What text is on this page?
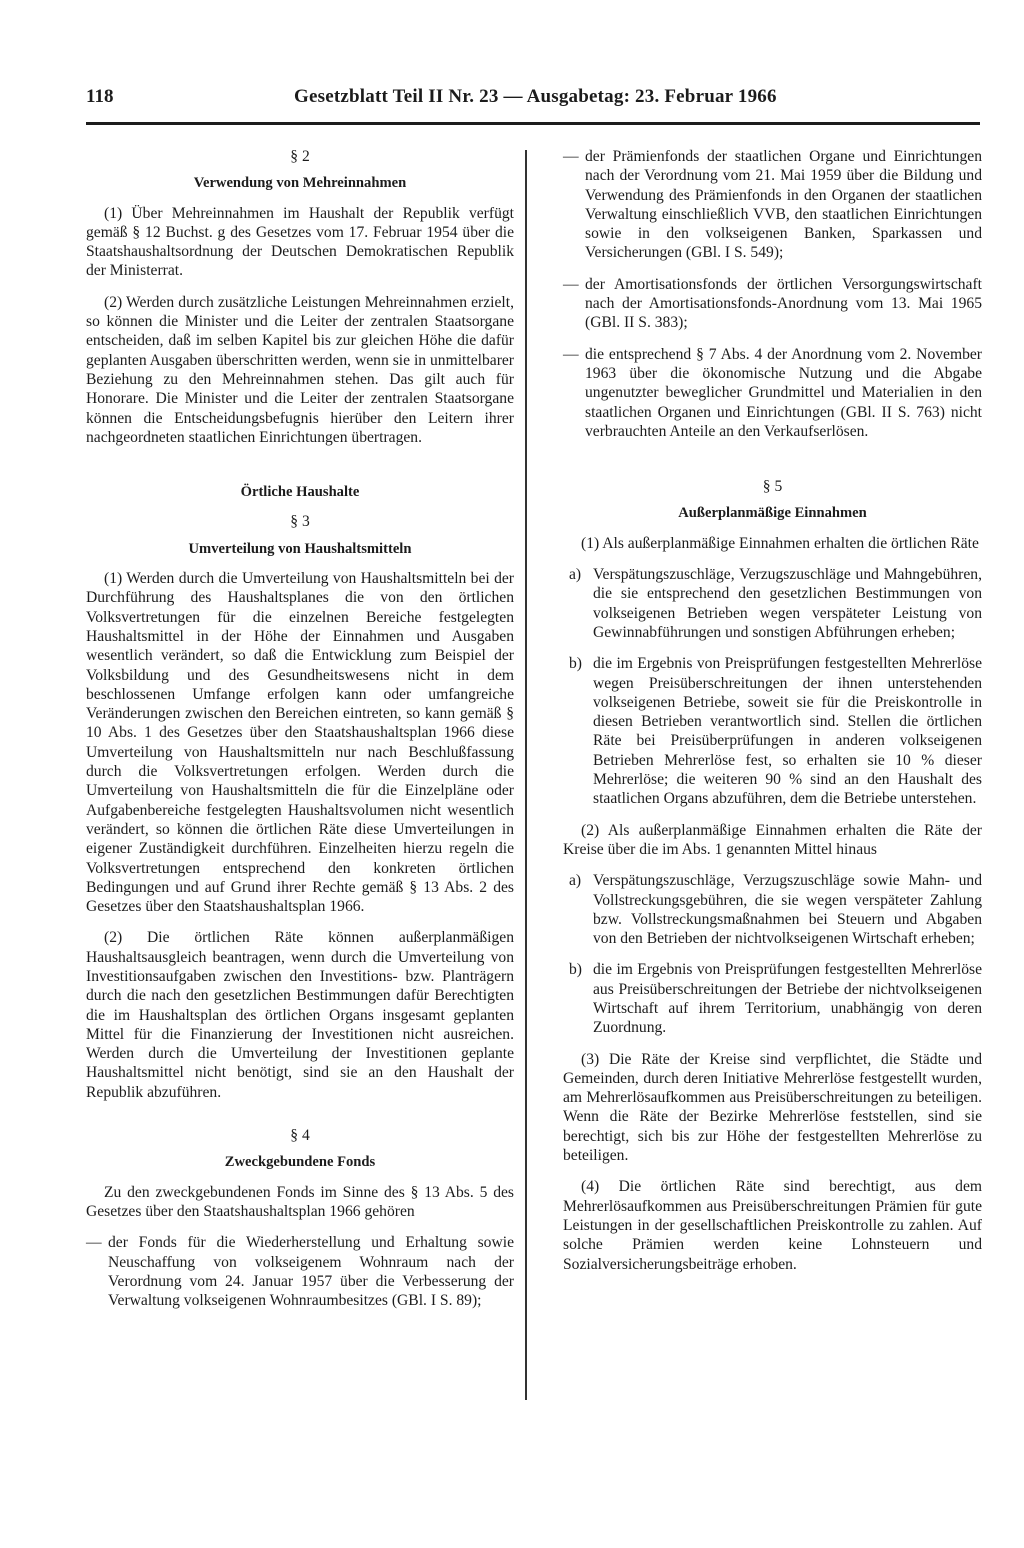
118	Gesetzblatt Teil II Nr. 23 — Ausgabetag: 23. Februar 1966
§ 2
Verwendung von Mehreinnahmen

(1) Über Mehreinnahmen im Haushalt der Republik verfügt gemäß § 12 Buchst. g des Gesetzes vom 17. Februar 1954 über die Staatshaushaltsordnung der Deutschen Demokratischen Republik der Ministerrat.

(2) Werden durch zusätzliche Leistungen Mehreinnahmen erzielt, so können die Minister und die Leiter der zentralen Staatsorgane entscheiden, daß im selben Kapitel bis zur gleichen Höhe die dafür geplanten Ausgaben überschritten werden, wenn sie in unmittelbarer Beziehung zu den Mehreinnahmen stehen. Das gilt auch für Honorare. Die Minister und die Leiter der zentralen Staatsorgane können die Entscheidungsbefugnis hierüber den Leitern ihrer nachgeordneten staatlichen Einrichtungen übertragen.

Örtliche Haushalte
§ 3
Umverteilung von Haushaltsmitteln

(1) Werden durch die Umverteilung von Haushaltsmitteln bei der Durchführung des Haushaltsplanes die von den örtlichen Volksvertretungen für die einzelnen Bereiche festgelegten Haushaltsmittel in der Höhe der Einnahmen und Ausgaben wesentlich verändert, so daß die Entwicklung zum Beispiel der Volksbildung und des Gesundheitswesens nicht in dem beschlossenen Umfange erfolgen kann oder umfangreiche Veränderungen zwischen den Bereichen eintreten, so kann gemäß § 10 Abs. 1 des Gesetzes über den Staatshaushaltsplan 1966 diese Umverteilung von Haushaltsmitteln nur nach Beschlußfassung durch die Volksvertretungen erfolgen. Werden durch die Umverteilung von Haushaltsmitteln die für die Einzelpläne oder Aufgabenbereiche festgelegten Haushaltsvolumen nicht wesentlich verändert, so können die örtlichen Räte diese Umverteilungen in eigener Zuständigkeit durchführen. Einzelheiten hierzu regeln die Volksvertretungen entsprechend den konkreten örtlichen Bedingungen und auf Grund ihrer Rechte gemäß § 13 Abs. 2 des Gesetzes über den Staatshaushaltsplan 1966.

(2) Die örtlichen Räte können außerplanmäßigen Haushaltsausgleich beantragen, wenn durch die Umverteilung von Investitionsaufgaben zwischen den Investitions- bzw. Planträgern durch die nach den gesetzlichen Bestimmungen dafür Berechtigten die im Haushaltsplan des örtlichen Organs insgesamt geplanten Mittel für die Finanzierung der Investitionen nicht ausreichen. Werden durch die Umverteilung der Investitionen geplante Haushaltsmittel nicht benötigt, sind sie an den Haushalt der Republik abzuführen.

§ 4
Zweckgebundene Fonds

Zu den zweckgebundenen Fonds im Sinne des § 13 Abs. 5 des Gesetzes über den Staatshaushaltsplan 1966 gehören

— der Fonds für die Wiederherstellung und Erhaltung sowie Neuschaffung von volkseigenem Wohnraum nach der Verordnung vom 24. Januar 1957 über die Verbesserung der Verwaltung volkseigenen Wohnraumbesitzes (GBl. I S. 89);
— der Prämienfonds der staatlichen Organe und Einrichtungen nach der Verordnung vom 21. Mai 1959 über die Bildung und Verwendung des Prämienfonds in den Organen der staatlichen Verwaltung einschließlich VVB, den staatlichen Einrichtungen sowie in den volkseigenen Banken, Sparkassen und Versicherungen (GBl. I S. 549);
— der Amortisationsfonds der örtlichen Versorgungswirtschaft nach der Amortisationsfonds-Anordnung vom 13. Mai 1965 (GBl. II S. 383);
— die entsprechend § 7 Abs. 4 der Anordnung vom 2. November 1963 über die ökonomische Nutzung und die Abgabe ungenutzter beweglicher Grundmittel und Materialien in den staatlichen Organen und Einrichtungen (GBl. II S. 763) nicht verbrauchten Anteile an den Verkaufserlösen.
§ 5
Außerplanmäßige Einnahmen

(1) Als außerplanmäßige Einnahmen erhalten die örtlichen Räte

a) Verspätungszuschläge, Verzugszuschläge und Mahngebühren, die sie entsprechend den gesetzlichen Bestimmungen von volkseigenen Betrieben wegen verspäteter Leistung von Gewinnabführungen und sonstigen Abführungen erheben;
b) die im Ergebnis von Preisprüfungen festgestellten Mehrerlöse wegen Preisüberschreitungen der ihnen unterstehenden volkseigenen Betriebe, soweit sie für die Preiskontrolle in diesen Betrieben verantwortlich sind. Stellen die örtlichen Räte bei Preisüberprüfungen in anderen volkseigenen Betrieben Mehrerlöse fest, so erhalten sie 10 % dieser Mehrerlöse; die weiteren 90 % sind an den Haushalt des staatlichen Organs abzuführen, dem die Betriebe unterstehen.

(2) Als außerplanmäßige Einnahmen erhalten die Räte der Kreise über die im Abs. 1 genannten Mittel hinaus

a) Verspätungszuschläge, Verzugszuschläge sowie Mahn- und Vollstreckungsgebühren, die sie wegen verspäteter Zahlung bzw. Vollstreckungsmaßnahmen bei Steuern und Abgaben von den Betrieben der nichtvolkseigenen Wirtschaft erheben;
b) die im Ergebnis von Preisprüfungen festgestellten Mehrerlöse aus Preisüberschreitungen der Betriebe der nichtvolkseigenen Wirtschaft auf ihrem Territorium, unabhängig von deren Zuordnung.

(3) Die Räte der Kreise sind verpflichtet, die Städte und Gemeinden, durch deren Initiative Mehrerlöse festgestellt wurden, am Mehrerlösaufkommen aus Preisüberschreitungen zu beteiligen. Wenn die Räte der Bezirke Mehrerlöse feststellen, sind sie berechtigt, sich bis zur Höhe der festgestellten Mehrerlöse zu beteiligen.

(4) Die örtlichen Räte sind berechtigt, aus dem Mehrerlösaufkommen aus Preisüberschreitungen Prämien für gute Leistungen in der gesellschaftlichen Preiskontrolle zu zahlen. Auf solche Prämien werden keine Lohnsteuern und Sozialversicherungsbeiträge erhoben.
